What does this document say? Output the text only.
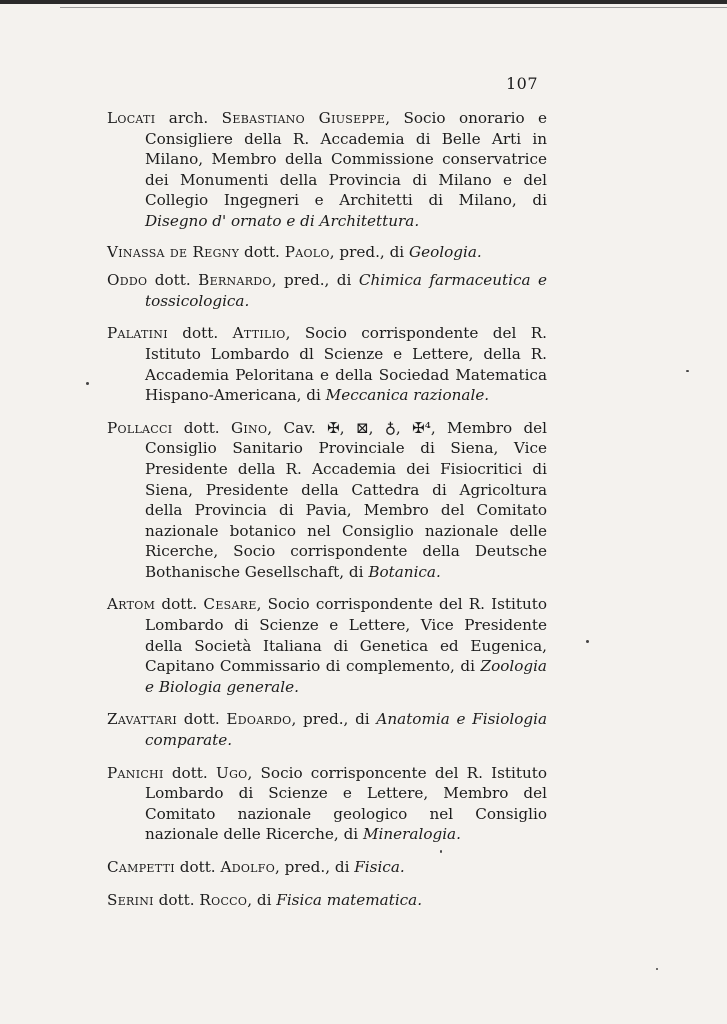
107

Locati arch. Sebastiano Giuseppe, Socio onorario e Consigliere della R. Accademia di Belle Arti in Milano, Membro della Commissione conservatrice dei Monumenti della Provincia di Milano e del Collegio Ingegneri e Architetti di Milano, di Disegno d' ornato e di Architettura.

Vinassa de Regny dott. Paolo, pred., di Geologia.

Oddo dott. Bernardo, pred., di Chimica farmaceutica e tossicologica.

Palatini dott. Attilio, Socio corrispondente del R. Istituto Lombardo dl Scienze e Lettere, della R. Accademia Peloritana e della Sociedad Matematica Hispano-Americana, di Meccanica razionale.

Pollacci dott. Gino, Cav. ✠, ⊠, ♁, ✠⁴, Membro del Consiglio Sanitario Provinciale di Siena, Vice Presidente della R. Accademia dei Fisiocritici di Siena, Presidente della Cattedra di Agricoltura della Provincia di Pavia, Membro del Comitato nazionale botanico nel Consiglio nazionale delle Ricerche, Socio corrispondente della Deutsche Bothanische Gesellschaft, di Botanica.

Artom dott. Cesare, Socio corrispondente del R. Istituto Lombardo di Scienze e Lettere, Vice Presidente della Società Italiana di Genetica ed Eugenica, Capitano Commissario di complemento, di Zoologia e Biologia generale.

Zavattari dott. Edoardo, pred., di Anatomia e Fisiologia comparate.

Panichi dott. Ugo, Socio corrisponcente del R. Istituto Lombardo di Scienze e Lettere, Membro del Comitato nazionale geologico nel Consiglio nazionale delle Ricerche, di Mineralogia.

Campetti dott. Adolfo, pred., di Fisica.

Serini dott. Rocco, di Fisica matematica.
